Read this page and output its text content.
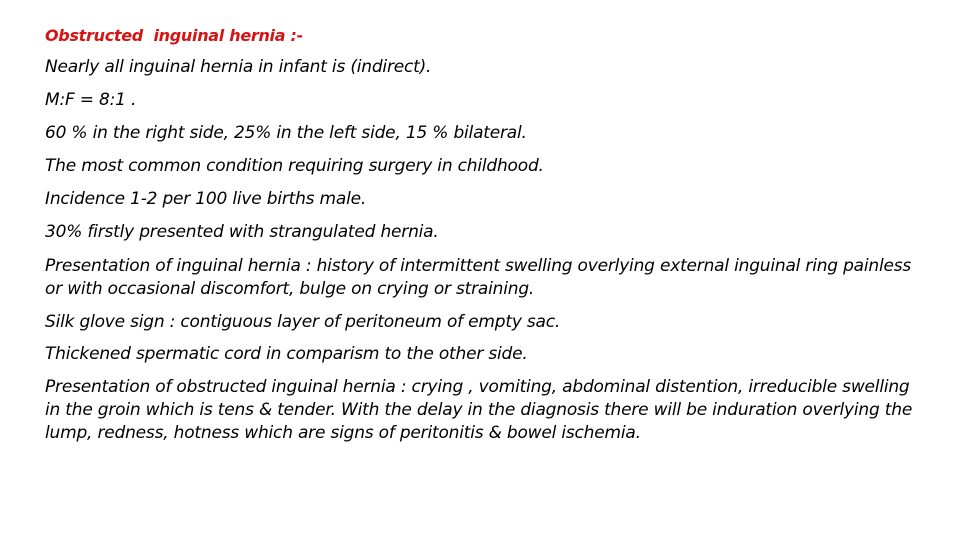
Obstructed  inguinal hernia :-
Nearly all inguinal hernia in infant is (indirect).
M:F = 8:1 .
60 % in the right side, 25% in the left side, 15 % bilateral.
The most common condition requiring surgery in childhood.
Incidence 1-2 per 100 live births male.
30% firstly presented with strangulated hernia.
Presentation of inguinal hernia : history of intermittent swelling overlying external inguinal ring painless or with occasional discomfort, bulge on crying or straining.
Silk glove sign : contiguous layer of peritoneum of empty sac.
Thickened spermatic cord in comparism to the other side.
Presentation of obstructed inguinal hernia : crying , vomiting, abdominal distention, irreducible swelling in the groin which is tens & tender. With the delay in the diagnosis there will be induration overlying the lump, redness, hotness which are signs of peritonitis & bowel ischemia.
